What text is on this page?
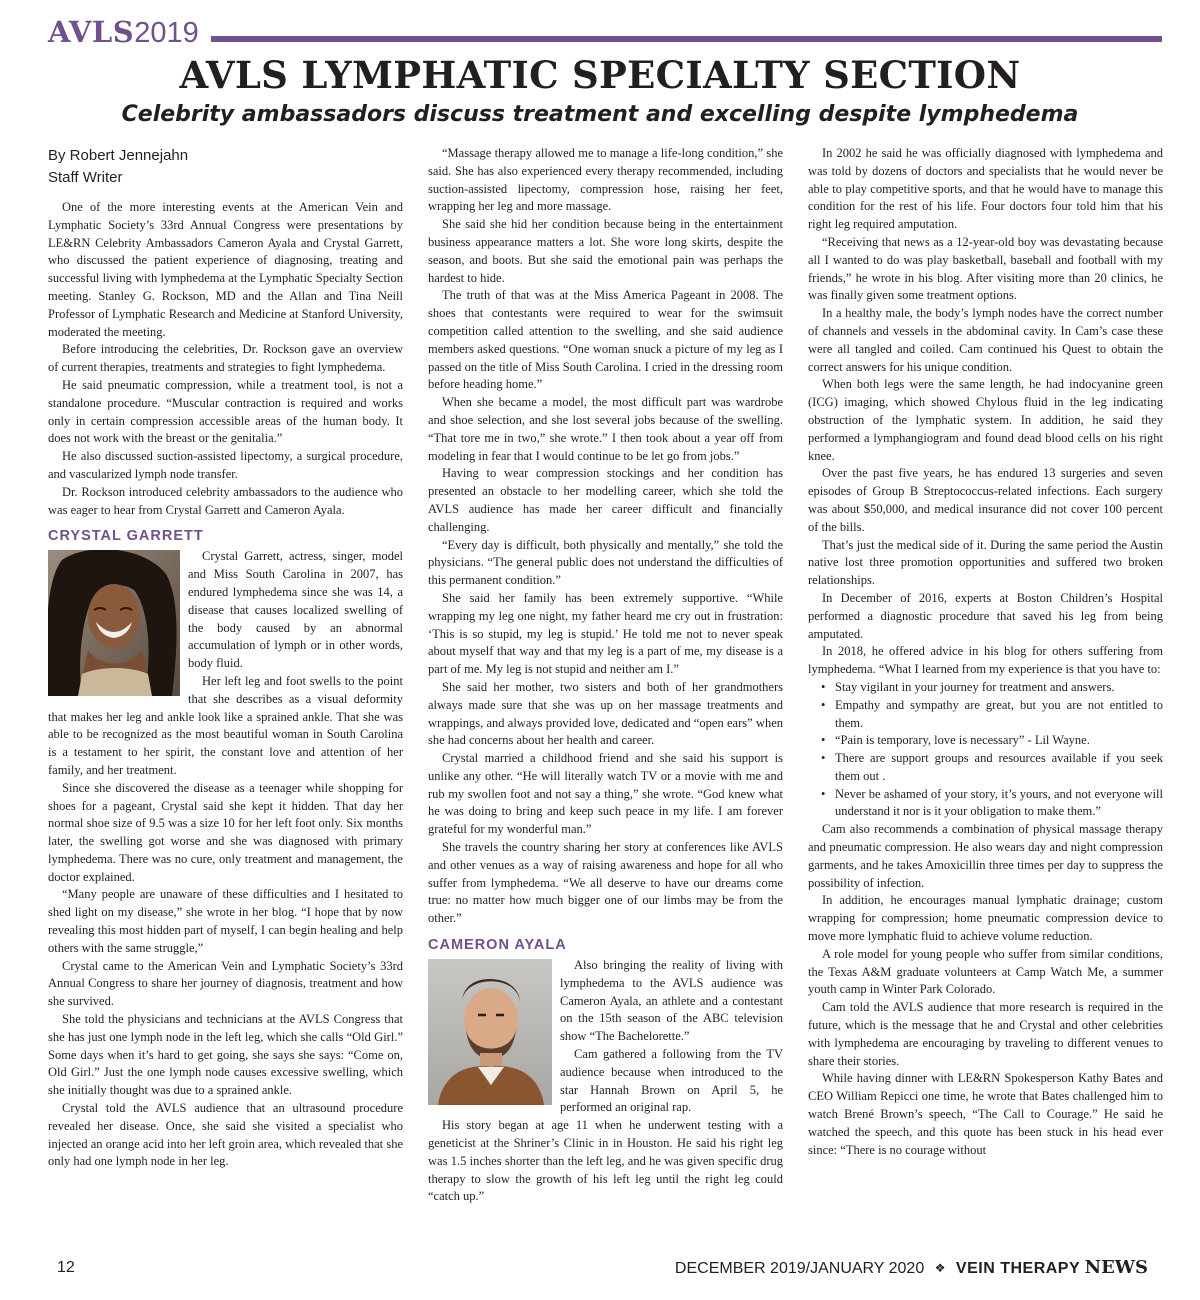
AVLS2019
AVLS LYMPHATIC SPECIALTY SECTION
Celebrity ambassadors discuss treatment and excelling despite lymphedema
By Robert Jennejahn
Staff Writer

One of the more interesting events at the American Vein and Lymphatic Society’s 33rd Annual Congress were presentations by LE&RN Celebrity Ambassadors Cameron Ayala and Crystal Garrett, who discussed the patient experience of diagnosing, treating and successful living with lymphedema at the Lymphatic Specialty Section meeting. Stanley G. Rockson, MD and the Allan and Tina Neill Professor of Lymphatic Research and Medicine at Stanford University, moderated the meeting.

Before introducing the celebrities, Dr. Rockson gave an overview of current therapies, treatments and strategies to fight lymphedema.

He said pneumatic compression, while a treatment tool, is not a standalone procedure. “Muscular contraction is required and works only in certain compression accessible areas of the human body. It does not work with the breast or the genitalia.”

He also discussed suction-assisted lipectomy, a surgical procedure, and vascularized lymph node transfer.

Dr. Rockson introduced celebrity ambassadors to the audience who was eager to hear from Crystal Garrett and Cameron Ayala.

CRYSTAL GARRETT

Crystal Garrett, actress, singer, model and Miss South Carolina in 2007, has endured lymphedema since she was 14, a disease that causes localized swelling of the body caused by an abnormal accumulation of lymph or in other words, body fluid.

Her left leg and foot swells to the point that she describes as a visual deformity that makes her leg and ankle look like a sprained ankle. That she was able to be recognized as the most beautiful woman in South Carolina is a testament to her spirit, the constant love and attention of her family, and her treatment.

Since she discovered the disease as a teenager while shopping for shoes for a pageant, Crystal said she kept it hidden. That day her normal shoe size of 9.5 was a size 10 for her left foot only. Six months later, the swelling got worse and she was diagnosed with primary lymphedema. There was no cure, only treatment and management, the doctor explained.

“Many people are unaware of these difficulties and I hesitated to shed light on my disease,” she wrote in her blog. “I hope that by now revealing this most hidden part of myself, I can begin healing and help others with the same struggle,”

Crystal came to the American Vein and Lymphatic Society’s 33rd Annual Congress to share her journey of diagnosis, treatment and how she survived.

She told the physicians and technicians at the AVLS Congress that she has just one lymph node in the left leg, which she calls “Old Girl.” Some days when it’s hard to get going, she says she says: “Come on, Old Girl.” Just the one lymph node causes excessive swelling, which she initially thought was due to a sprained ankle.

Crystal told the AVLS audience that an ultrasound procedure revealed her disease. Once, she said she visited a specialist who injected an orange acid into her left groin area, which revealed that she only had one lymph node in her leg.

“Massage therapy allowed me to manage a life-long condition,” she said. She has also experienced every therapy recommended, including suction-assisted lipectomy, compression hose, raising her feet, wrapping her leg and more massage.

She said she hid her condition because being in the entertainment business appearance matters a lot. She wore long skirts, despite the season, and boots. But she said the emotional pain was perhaps the hardest to hide.

The truth of that was at the Miss America Pageant in 2008. The shoes that contestants were required to wear for the swimsuit competition called attention to the swelling, and she said audience members asked questions. “One woman snuck a picture of my leg as I passed on the title of Miss South Carolina. I cried in the dressing room before heading home.”

When she became a model, the most difficult part was wardrobe and shoe selection, and she lost several jobs because of the swelling. “That tore me in two,” she wrote.” I then took about a year off from modeling in fear that I would continue to be let go from jobs.”

Having to wear compression stockings and her condition has presented an obstacle to her modelling career, which she told the AVLS audience has made her career difficult and financially challenging.

“Every day is difficult, both physically and mentally,” she told the physicians. “The general public does not understand the difficulties of this permanent condition.”

She said her family has been extremely supportive. “While wrapping my leg one night, my father heard me cry out in frustration: ‘This is so stupid, my leg is stupid.’ He told me not to never speak about myself that way and that my leg is a part of me, my disease is a part of me. My leg is not stupid and neither am I.”

She said her mother, two sisters and both of her grandmothers always made sure that she was up on her massage treatments and wrappings, and always provided love, dedicated and “open ears” when she had concerns about her health and career.

Crystal married a childhood friend and she said his support is unlike any other. “He will literally watch TV or a movie with me and rub my swollen foot and not say a thing,” she wrote. “God knew what he was doing to bring and keep such peace in my life. I am forever grateful for my wonderful man.”

She travels the country sharing her story at conferences like AVLS and other venues as a way of raising awareness and hope for all who suffer from lymphedema. “We all deserve to have our dreams come true: no matter how much bigger one of our limbs may be from the other.”

CAMERON AYALA

Also bringing the reality of living with lymphedema to the AVLS audience was Cameron Ayala, an athlete and a contestant on the 15th season of the ABC television show “The Bachelorette.”

Cam gathered a following from the TV audience because when introduced to the star Hannah Brown on April 5, he performed an original rap.

His story began at age 11 when he underwent testing with a geneticist at the Shriner’s Clinic in in Houston. He said his right leg was 1.5 inches shorter than the left leg, and he was given specific drug therapy to slow the growth of his left leg until the right leg could “catch up.”

In 2002 he said he was officially diagnosed with lymphedema and was told by dozens of doctors and specialists that he would never be able to play competitive sports, and that he would have to manage this condition for the rest of his life. Four doctors four told him that his right leg required amputation.

“Receiving that news as a 12-year-old boy was devastating because all I wanted to do was play basketball, baseball and football with my friends,” he wrote in his blog. After visiting more than 20 clinics, he was finally given some treatment options.

In a healthy male, the body’s lymph nodes have the correct number of channels and vessels in the abdominal cavity. In Cam’s case these were all tangled and coiled. Cam continued his Quest to obtain the correct answers for his unique condition.

When both legs were the same length, he had indocyanine green (ICG) imaging, which showed Chylous fluid in the leg indicating obstruction of the lymphatic system. In addition, he said they performed a lymphangiogram and found dead blood cells on his right knee.

Over the past five years, he has endured 13 surgeries and seven episodes of Group B Streptococcus-related infections. Each surgery was about $50,000, and medical insurance did not cover 100 percent of the bills.

That’s just the medical side of it. During the same period the Austin native lost three promotion opportunities and suffered two broken relationships.

In December of 2016, experts at Boston Children’s Hospital performed a diagnostic procedure that saved his leg from being amputated.

In 2018, he offered advice in his blog for others suffering from lymphedema. “What I learned from my experience is that you have to:

• Stay vigilant in your journey for treatment and answers.
• Empathy and sympathy are great, but you are not entitled to them.
• “Pain is temporary, love is necessary” - Lil Wayne.
• There are support groups and resources available if you seek them out .
• Never be ashamed of your story, it’s yours, and not everyone will understand it nor is it your obligation to make them.”

Cam also recommends a combination of physical massage therapy and pneumatic compression. He also wears day and night compression garments, and he takes Amoxicillin three times per day to suppress the possibility of infection.

In addition, he encourages manual lymphatic drainage; custom wrapping for compression; home pneumatic compression device to move more lymphatic fluid to achieve volume reduction.

A role model for young people who suffer from similar conditions, the Texas A&M graduate volunteers at Camp Watch Me, a summer youth camp in Winter Park Colorado.

Cam told the AVLS audience that more research is required in the future, which is the message that he and Crystal and other celebrities with lymphedema are encouraging by traveling to different venues to share their stories.

While having dinner with LE&RN Spokesperson Kathy Bates and CEO William Repicci one time, he wrote that Bates challenged him to watch Brené Brown’s speech, “The Call to Courage.” He said he watched the speech, and this quote has been stuck in his head ever since: “There is no courage without

12	DECEMBER 2019/JANUARY 2020 ❖ VEIN THERAPY NEWS
